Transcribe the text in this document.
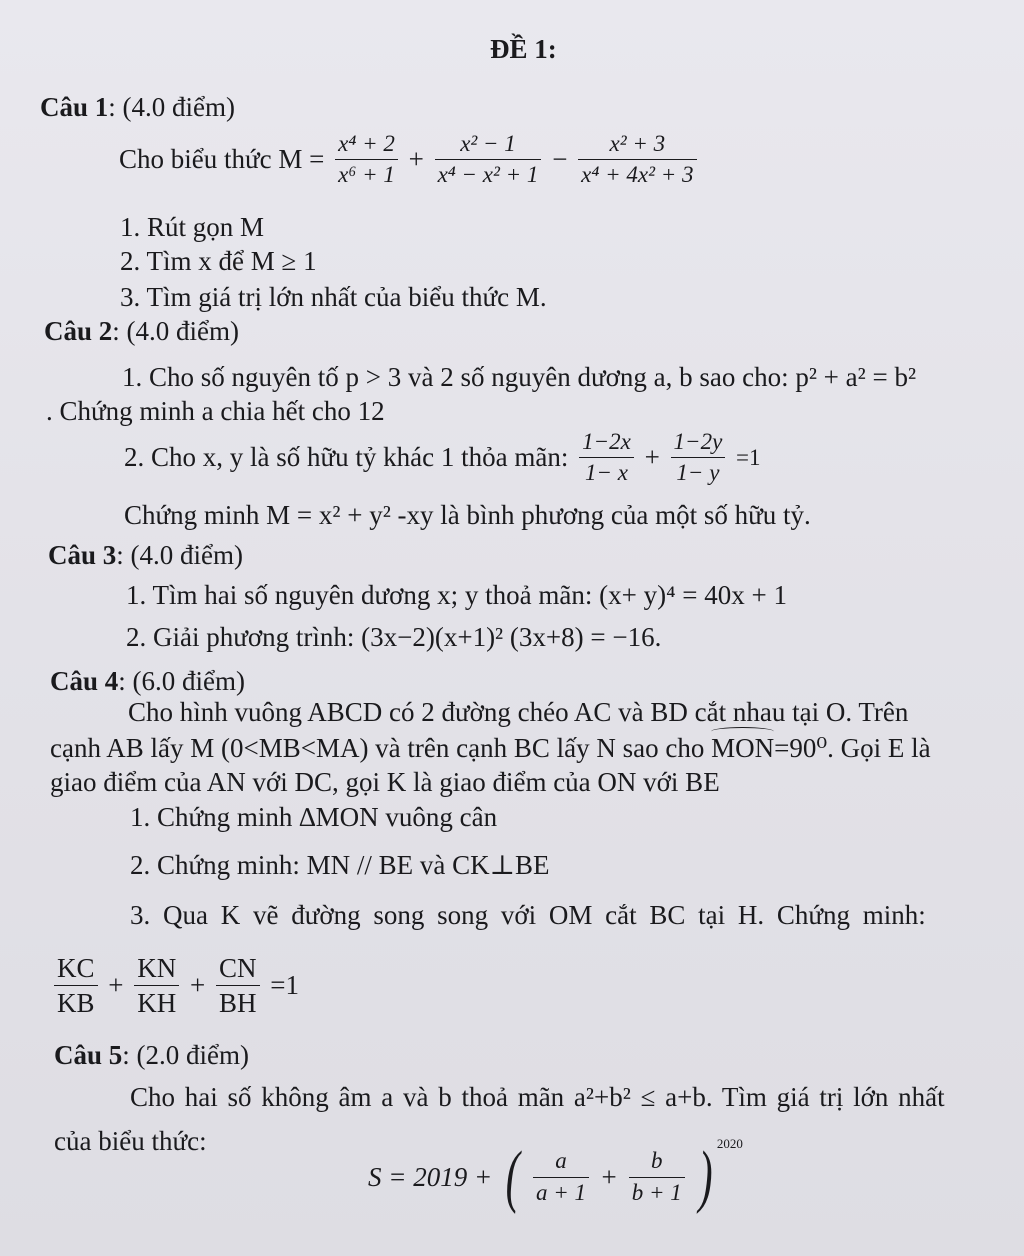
ĐỀ 1:
Câu 1: (4.0 điểm)
Cho biểu thức $M = \frac{\text{x⁴ + 2}}{\text{x⁶ + 1}} + \frac{\text{x² − 1}}{\text{x⁴ − x² + 1}} - \frac{\text{x² + 3}}{\text{x⁴ + 4x² + 3}}$
1. Rút gọn M
2. Tìm x để M ≥ 1
3. Tìm giá trị lớn nhất của biểu thức M.
Câu 2: (4.0 điểm)
1. Cho số nguyên tố p > 3 và 2 số nguyên dương a, b sao cho: p² + a² = b²
. Chứng minh a chia hết cho 12
2. Cho x, y là số hữu tỷ khác 1 thỏa mãn: $\frac{1-2x}{1- x} + \frac{1-2y}{1- y} =1$
Chứng minh M = x² + y² -xy là bình phương của một số hữu tỷ.
Câu 3: (4.0 điểm)
1. Tìm hai số nguyên dương x; y thoả mãn: (x+ y)⁴ = 40x + 1
2. Giải phương trình: (3x−2)(x+1)² (3x+8) = −16.
Câu 4: (6.0 điểm)
Cho hình vuông ABCD có 2 đường chéo AC và BD cắt nhau tại O. Trên
cạnh AB lấy M (0<MB<MA) và trên cạnh BC lấy N sao cho MON=90⁰. Gọi E là
giao điểm của AN với DC, gọi K là giao điểm của ON với BE
1. Chứng minh ∆MON vuông cân
2. Chứng minh: MN // BE và CK⊥BE
3. Qua K vẽ đường song song với OM cắt BC tại H. Chứng minh:
$\frac{KC}{KB} + \frac{KN}{KH} + \frac{CN}{BH} =1$
Câu 5: (2.0 điểm)
Cho hai số không âm a và b thoả mãn a²+b² ≤ a+b. Tìm giá trị lớn nhất
của biểu thức:
S = 2019 + ( $\frac{a}{a + 1} + \frac{b}{b + 1}$ ) $^{2020}$
